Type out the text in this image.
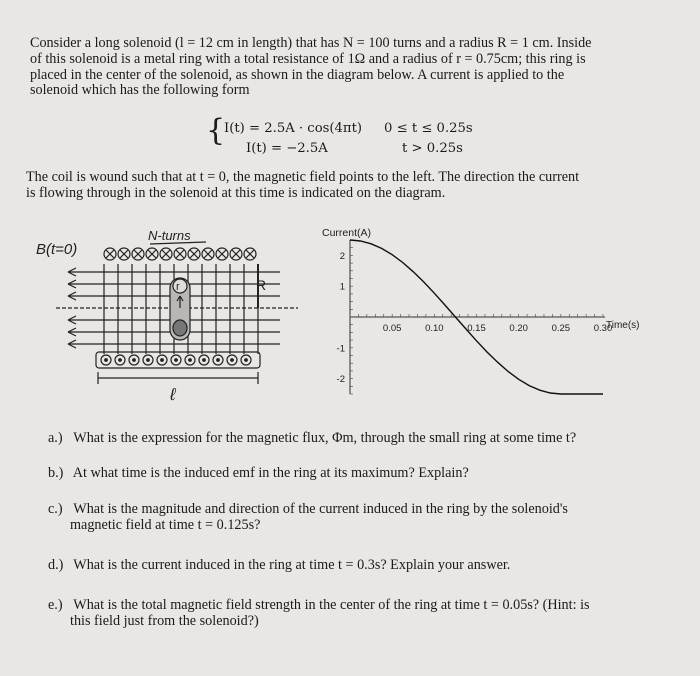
Consider a long solenoid (l = 12 cm in length) that has N = 100 turns and a radius R = 1 cm. Inside
of this solenoid is a metal ring with a total resistance of 1Ω and a radius of r = 0.75cm; this ring is
placed in the center of the solenoid, as shown in the diagram below. A current is applied to the
solenoid which has the following form
{
I(t) = 2.5A · cos(4πt) 0 ≤ t ≤ 0.25s
I(t) = −2.5A	t > 0.25s
The coil is wound such that at t = 0, the magnetic field points to the left. The direction the current
is flowing through in the solenoid at this time is indicated on the diagram.
B(t=0)
N-turns
R
r
ℓ
Current(A)
Time(s)
0.05 0.10 0.15 0.20 0.25 0.30
2
1
-1
-2
a.) What is the expression for the magnetic flux, Φm, through the small ring at some time t?
b.) At what time is the induced emf in the ring at its maximum? Explain?
c.) What is the magnitude and direction of the current induced in the ring by the solenoid's
magnetic field at time t = 0.125s?
d.) What is the current induced in the ring at time t = 0.3s? Explain your answer.
e.) What is the total magnetic field strength in the center of the ring at time t = 0.05s? (Hint: is
this field just from the solenoid?)
